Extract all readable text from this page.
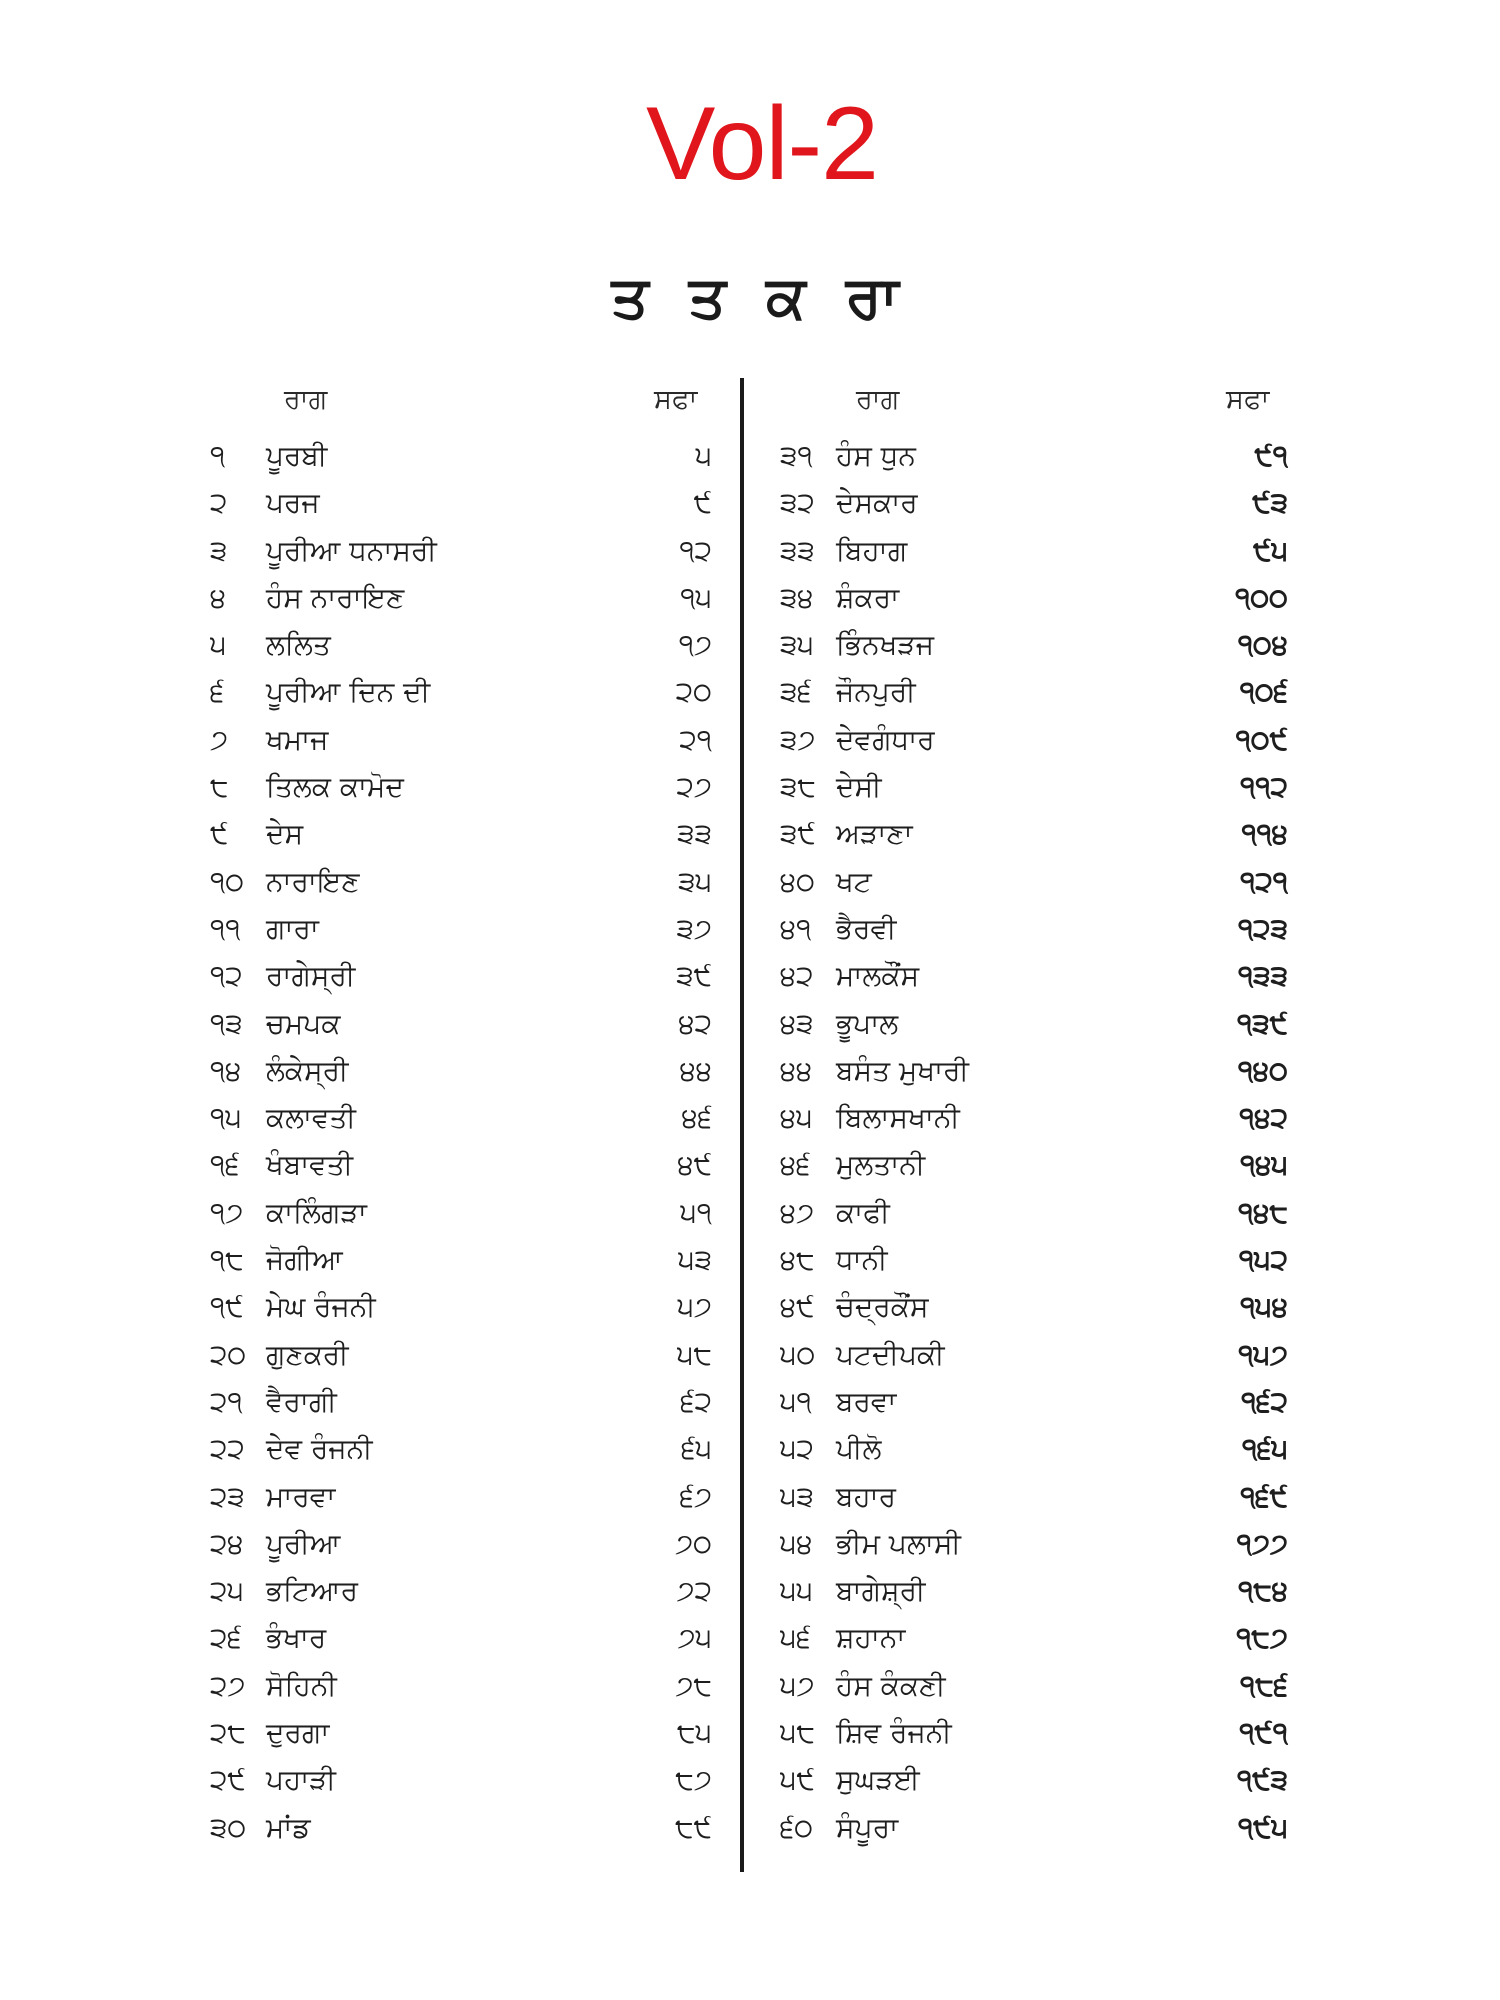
Vol-2
ਤ ਤ ਕ ਰਾ
ਰਾਗ	ਸਫਾ	ਰਾਗ	ਸਫਾ
੧	ਪੂਰਬੀ	੫
੨	ਪਰਜ	੯
੩	ਪੂਰੀਆ ਧਨਾਸਰੀ	੧੨
੪	ਹੰਸ ਨਾਰਾਇਣ	੧੫
੫	ਲਲਿਤ	੧੭
੬	ਪੂਰੀਆ ਦਿਨ ਦੀ	੨੦
੭	ਖਮਾਜ	੨੧
੮	ਤਿਲਕ ਕਾਮੋਦ	੨੭
੯	ਦੇਸ	੩੩
੧੦ ਨਾਰਾਇਣ	੩੫
੧੧ ਗਾਰਾ	੩੭
੧੨ ਰਾਗੇਸ੍ਰੀ	੩੯
੧੩ ਚਮਪਕ	੪੨
੧੪ ਲੰਕੇਸ੍ਰੀ	੪੪
੧੫ ਕਲਾਵਤੀ	੪੬
੧੬ ਖੰਬਾਵਤੀ	੪੯
੧੭ ਕਾਲਿੰਗੜਾ	੫੧
੧੮ ਜੋਗੀਆ	੫੩
੧੯ ਮੇਘ ਰੰਜਨੀ	੫੭
੨੦ ਗੁਣਕਰੀ	੫੮
੨੧ ਵੈਰਾਗੀ	੬੨
੨੨ ਦੇਵ ਰੰਜਨੀ	੬੫
੨੩ ਮਾਰਵਾ	੬੭
੨੪ ਪੂਰੀਆ	੭੦
੨੫ ਭਟਿਆਰ	੭੨
੨੬ ਭੰਖਾਰ	੭੫
੨੭ ਸੋਹਿਨੀ	੭੮
੨੮ ਦੁਰਗਾ	੮੫
੨੯ ਪਹਾੜੀ	੮੭
੩੦ ਮਾਂਡ	੮੯
੩੧ ਹੰਸ ਧੁਨ	੯੧
੩੨ ਦੇਸਕਾਰ	੯੩
੩੩ ਬਿਹਾਗ	੯੫
੩੪ ਸ਼ੰਕਰਾ	੧੦੦
੩੫ ਭਿੰਨਖੜਜ	੧੦੪
੩੬ ਜੌਨਪੁਰੀ	੧੦੬
੩੭ ਦੇਵਗੰਧਾਰ	੧੦੯
੩੮ ਦੇਸੀ	੧੧੨
੩੯ ਅੜਾਣਾ	੧੧੪
੪੦ ਖਟ	੧੨੧
੪੧ ਭੈਰਵੀ	੧੨੩
੪੨ ਮਾਲਕੌਂਸ	੧੩੩
੪੩ ਭੂਪਾਲ	੧੩੯
੪੪ ਬਸੰਤ ਮੁਖਾਰੀ	੧੪੦
੪੫ ਬਿਲਾਸਖਾਨੀ	੧੪੨
੪੬ ਮੁਲਤਾਨੀ	੧੪੫
੪੭ ਕਾਫੀ	੧੪੮
੪੮ ਧਾਨੀ	੧੫੨
੪੯ ਚੰਦ੍ਰਕੌਂਸ	੧੫੪
੫੦ ਪਟਦੀਪਕੀ	੧੫੭
੫੧ ਬਰਵਾ	੧੬੨
੫੨ ਪੀਲੋ	੧੬੫
੫੩ ਬਹਾਰ	੧੬੯
੫੪ ਭੀਮ ਪਲਾਸੀ	੧੭੭
੫੫ ਬਾਗੇਸ਼੍ਰੀ	੧੮੪
੫੬ ਸ਼ਹਾਨਾ	੧੮੭
੫੭ ਹੰਸ ਕੰਕਣੀ	੧੮੬
੫੮ ਸ਼ਿਵ ਰੰਜਨੀ	੧੯੧
੫੯ ਸੁਘੜਈ	੧੯੩
੬੦ ਸੰਪੂਰਾ	੧੯੫
